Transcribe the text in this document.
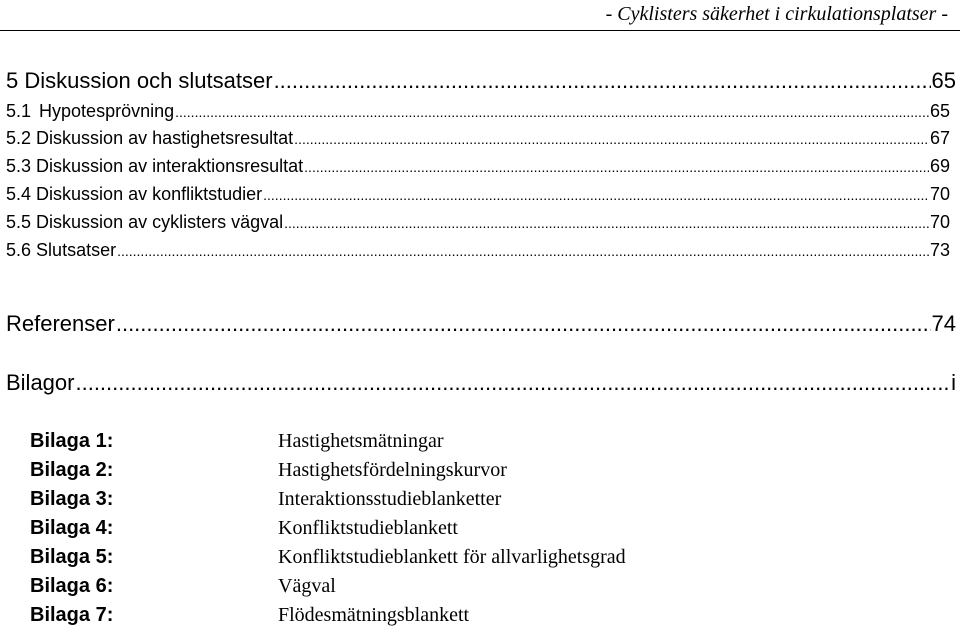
- Cyklisters säkerhet i cirkulationsplatser -
5 Diskussion och slutsatser .....	65
5.1 Hypotesprövning .....	65
5.2 Diskussion av hastighetsresultat .....	67
5.3 Diskussion av interaktionsresultat .....	69
5.4 Diskussion av konfliktstudier .....	70
5.5 Diskussion av cyklisters vägval .....	70
5.6 Slutsatser .....	73
Referenser .....	74
Bilagor .....	i
Bilaga 1:	Hastighetsmätningar
Bilaga 2:	Hastighetsfördelningskurvor
Bilaga 3:	Interaktionsstudieblanketter
Bilaga 4:	Konfliktstudieblankett
Bilaga 5:	Konfliktstudieblankett för allvarlighetsgrad
Bilaga 6:	Vägval
Bilaga 7:	Flödesmätningsblankett
